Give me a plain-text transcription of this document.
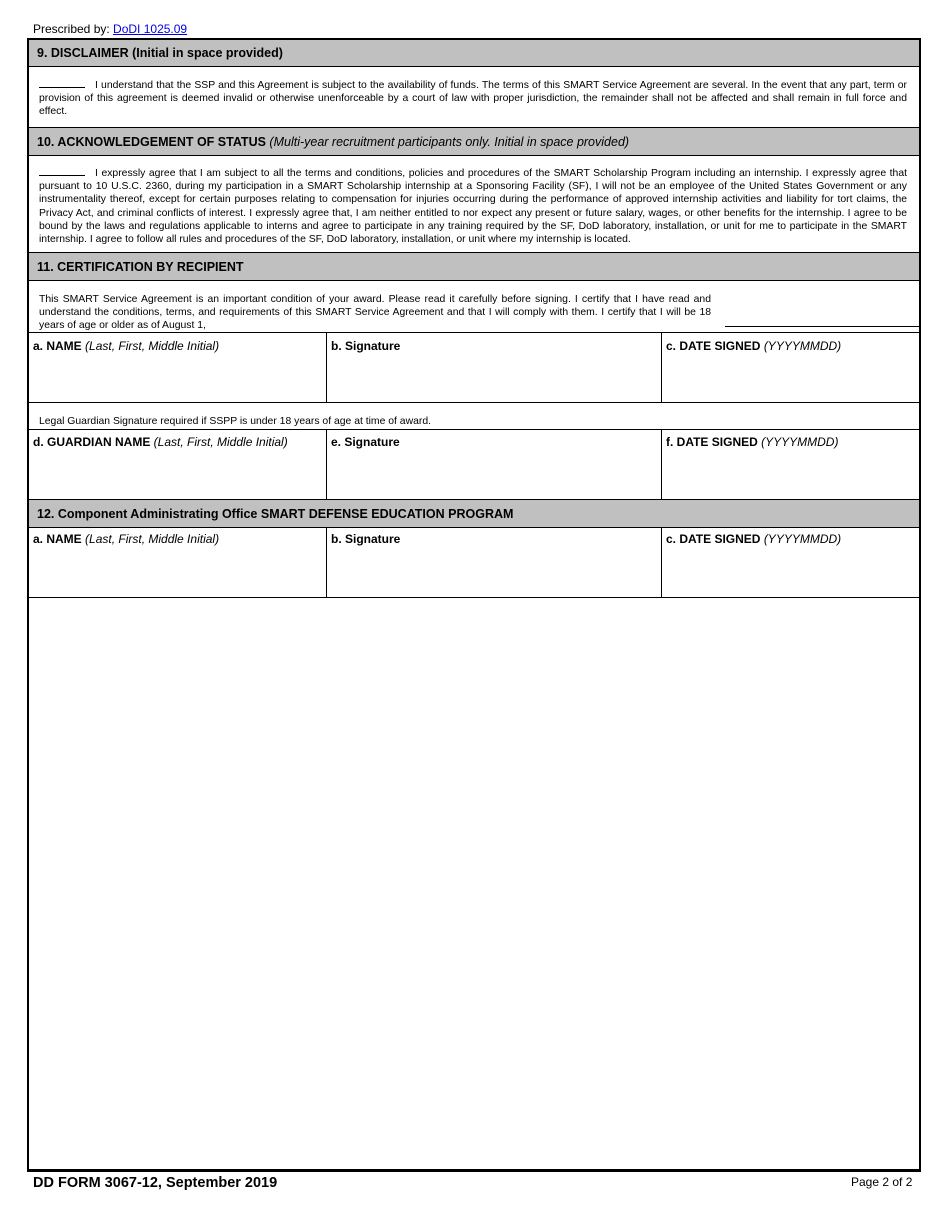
Prescribed by: DoDI 1025.09
9. DISCLAIMER (Initial in space provided)
I understand that the SSP and this Agreement is subject to the availability of funds. The terms of this SMART Service Agreement are several. In the event that any part, term or provision of this agreement is deemed invalid or otherwise unenforceable by a court of law with proper jurisdiction, the remainder shall not be affected and shall remain in full force and effect.
10. ACKNOWLEDGEMENT OF STATUS
(Multi-year recruitment participants only. Initial in space provided)
I expressly agree that I am subject to all the terms and conditions, policies and procedures of the SMART Scholarship Program including an internship. I expressly agree that pursuant to 10 U.S.C. 2360, during my participation in a SMART Scholarship internship at a Sponsoring Facility (SF), I will not be an employee of the United States Government or any instrumentality thereof, except for certain purposes relating to compensation for injuries occurring during the performance of approved internship activities and liability for tort claims, the Privacy Act, and criminal conflicts of interest. I expressly agree that, I am neither entitled to nor expect any present or future salary, wages, or other benefits for the internship. I agree to be bound by the laws and regulations applicable to interns and agree to participate in any training required by the SF, DoD laboratory, installation, or unit for me to participate in the SMART internship. I agree to follow all rules and procedures of the SF, DoD laboratory, installation, or unit where my internship is located.
11. CERTIFICATION BY RECIPIENT
This SMART Service Agreement is an important condition of your award. Please read it carefully before signing. I certify that I have read and understand the conditions, terms, and requirements of this SMART Service Agreement and that I will comply with them. I certify that I will be 18 years of age or older as of August 1,
a. NAME (Last, First, Middle Initial)	b. Signature	c. DATE SIGNED (YYYYMMDD)
Legal Guardian Signature required if SSPP is under 18 years of age at time of award.
d. GUARDIAN NAME (Last, First, Middle Initial)	e. Signature	f. DATE SIGNED (YYYYMMDD)
12. Component Administrating Office SMART DEFENSE EDUCATION PROGRAM
a. NAME (Last, First, Middle Initial)	b. Signature	c. DATE SIGNED (YYYYMMDD)
DD FORM 3067-12, September 2019	Page 2 of 2
